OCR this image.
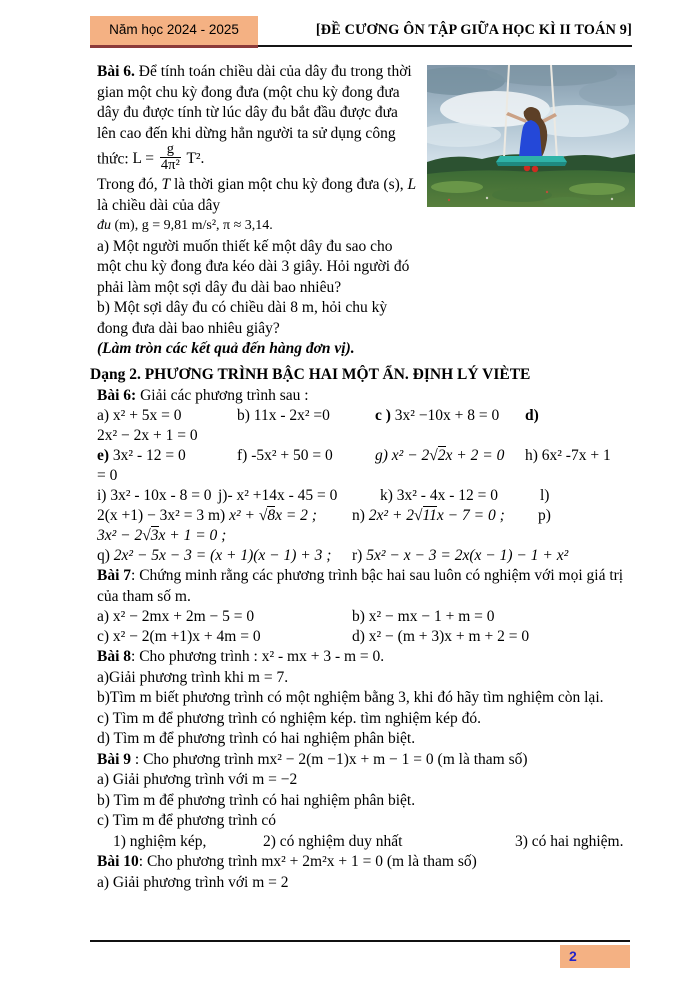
Năm học 2024 - 2025	[ĐỀ CƯƠNG ÔN TẬP GIỮA HỌC KÌ II TOÁN 9]

Bài 6. Để tính toán chiều dài của dây đu trong thời gian một chu kỳ đong đưa (một chu kỳ đong đưa dây đu được tính từ lúc dây đu bắt đầu được đưa lên cao đến khi dừng hẳn người ta sử dụng công thức: $L = \frac{g}{\text{4π²}} T^2$.

Trong đó, T là thời gian một chu kỳ đong đưa (s), L là chiều dài của dây

đu (m), g = 9,81 m/s², π ≈ 3,14.

a) Một người muốn thiết kế một dây đu sao cho một chu kỳ đong đưa kéo dài 3 giây. Hỏi người đó phải làm một sợi dây đu dài bao nhiêu?

b) Một sợi dây đu có chiều dài 8 m, hỏi chu kỳ đong đưa dài bao nhiêu giây?

(Làm tròn các kết quả đến hàng đơn vị).

Dạng 2. PHƯƠNG TRÌNH BẬC HAI MỘT ẨN. ĐỊNH LÝ VIÈTE

Bài 6: Giải các phương trình sau :

a) x² + 5x = 0	b) 11x - 2x² =0	c ) 3x² −10x + 8 = 0	d)
2x² − 2x + 1 = 0
e) 3x² - 12 = 0	f) -5x² + 50 = 0	g) x² − 2√2x + 2 = 0	h) 6x² -7x + 1
= 0
i) 3x² - 10x - 8 = 0 j)- x² +14x - 45 = 0	k) 3x² - 4x - 12 = 0	l)
2(x +1) − 3x² = 3 m) x² + √8x = 2 ;	n) 2x² + 2√11x − 7 = 0 ;	p)
3x² − 2√3x + 1 = 0 ;
q) 2x² − 5x − 3 = (x + 1)(x − 1) + 3 ;	r) 5x² − x − 3 = 2x(x − 1) − 1 + x²

Bài 7: Chứng minh rằng các phương trình bậc hai sau luôn có nghiệm với mọi giá trị của tham số m.

a) x² − 2mx + 2m − 5 = 0	b) x² − mx − 1 + m = 0
c) x² − 2(m +1)x + 4m = 0	d) x² − (m + 3)x + m + 2 = 0

Bài 8: Cho phương trình : x² - mx + 3 - m = 0.

a)Giải phương trình khi m = 7.

b)Tìm m biết phương trình có một nghiệm bằng 3, khi đó hãy tìm nghiệm còn lại.

c) Tìm m để phương trình có nghiệm kép. tìm nghiệm kép đó.

d) Tìm m để phương trình có hai nghiệm phân biệt.

Bài 9 : Cho phương trình mx² − 2(m −1)x + m − 1 = 0 (m là tham số)

a) Giải phương trình với m = −2

b) Tìm m để phương trình có hai nghiệm phân biệt.

c) Tìm m để phương trình có

1) nghiệm kép,	2) có nghiệm duy nhất	3) có hai nghiệm.

Bài 10: Cho phương trình mx² + 2m²x + 1 = 0 (m là tham số)

a) Giải phương trình với m = 2

2
